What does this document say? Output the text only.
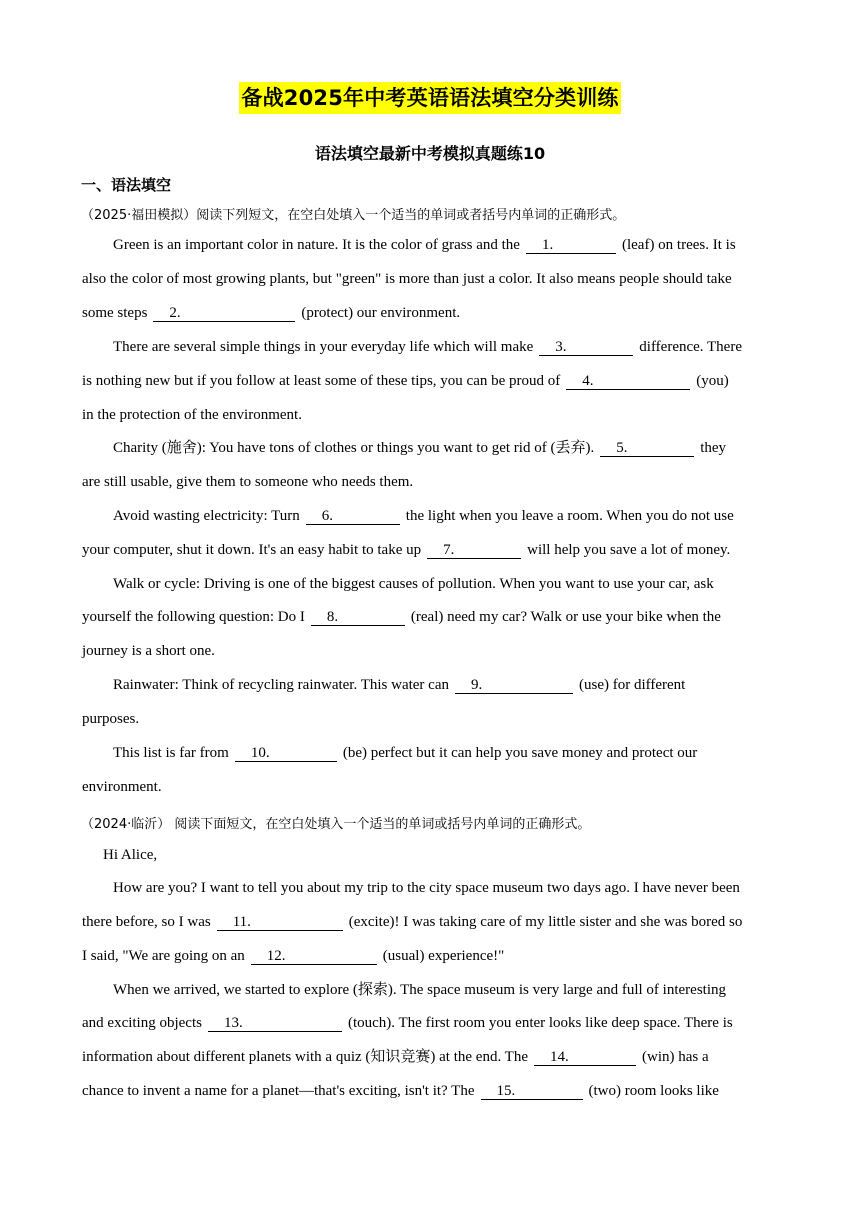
备战2025年中考英语语法填空分类训练
语法填空最新中考模拟真题练10
一、语法填空
（2025·福田模拟）阅读下列短文，在空白处填入一个适当的单词或者括号内单词的正确形式。
Green is an important color in nature. It is the color of grass and the 1.	(leaf) on trees. It is
also the color of most growing plants, but "green" is more than just a color. It also means people should take
some steps 2.	(protect) our environment.
There are several simple things in your everyday life which will make 3.	difference. There
is nothing new but if you follow at least some of these tips, you can be proud of 4.	(you)
in the protection of the environment.
Charity (施舍): You have tons of clothes or things you want to get rid of (丢弃). 5.	they
are still usable, give them to someone who needs them.
Avoid wasting electricity: Turn 6.	the light when you leave a room. When you do not use
your computer, shut it down. It's an easy habit to take up 7.	will help you save a lot of money.
Walk or cycle: Driving is one of the biggest causes of pollution. When you want to use your car, ask
yourself the following question: Do I 8.	(real) need my car? Walk or use your bike when the
journey is a short one.
Rainwater: Think of recycling rainwater. This water can 9.	(use) for different
purposes.
This list is far from 10.	(be) perfect but it can help you save money and protect our
environment.
（2024·临沂） 阅读下面短文，在空白处填入一个适当的单词或括号内单词的正确形式。
Hi Alice,
How are you? I want to tell you about my trip to the city space museum two days ago. I have never been
there before, so I was 11.	(excite)! I was taking care of my little sister and she was bored so
I said, "We are going on an 12.	(usual) experience!"
When we arrived, we started to explore (探索). The space museum is very large and full of interesting
and exciting objects 13.	(touch). The first room you enter looks like deep space. There is
information about different planets with a quiz (知识竞赛) at the end. The 14.	(win) has a
chance to invent a name for a planet—that's exciting, isn't it? The 15.	(two) room looks like
